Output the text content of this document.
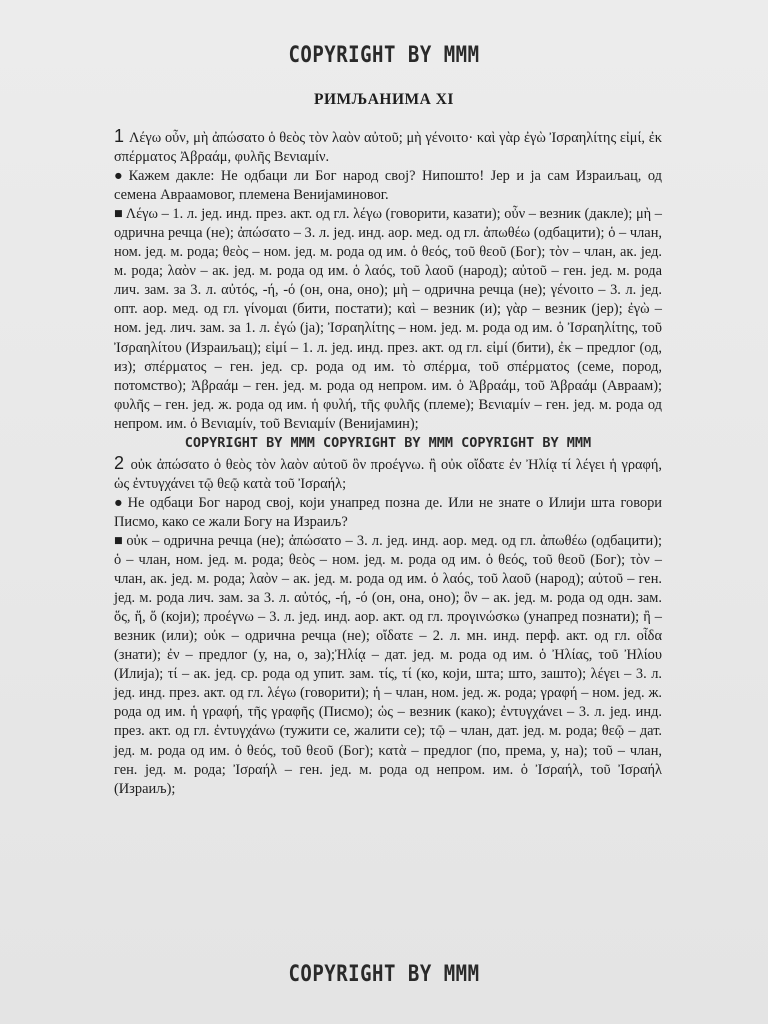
COPYRIGHT BY MMM
РИМЉАНИМА XI

1 Λέγω οὖν, μὴ ἀπώσατο ὁ θεὸς τὸν λαὸν αὐτοῦ; μὴ γένοιτο· καὶ γὰρ ἐγὼ Ἰσραηλίτης εἰμί, ἐκ σπέρματος Ἀβραάμ, φυλῆς Βενιαμίν.

● Кажем дакле: Не одбаци ли Бог народ свој? Нипошто! Јер и ја сам Израиљац, од семена Авраамовог, племена Венијаминовог.

■ Λέγω – 1. л. јед. инд. през. акт. од гл. λέγω (говорити, казати); οὖν – везник (дакле); μὴ – одрична речца (не); ἀπώσατο – 3. л. јед. инд. аор. мед. од гл. ἀπωθέω (одбацити); ὁ – члан, ном. јед. м. рода; θεὸς – ном. јед. м. рода од им. ὁ θεός, τοῦ θεοῦ (Бог); τὸν – члан, ак. јед. м. рода; λαὸν – ак. јед. м. рода од им. ὁ λαός, τοῦ λαοῦ (народ); αὐτοῦ – ген. јед. м. рода лич. зам. за 3. л. αὐτός, -ή, -ό (он, она, оно); μὴ – одрична речца (не); γένοιτο – 3. л. јед. опт. аор. мед. од гл. γίνομαι (бити, постати); καὶ – везник (и); γὰρ – везник (јер); ἐγὼ – ном. јед. лич. зам. за 1. л. ἐγώ (ја); Ἰσραηλίτης – ном. јед. м. рода од им. ὁ Ἰσραηλίτης, τοῦ Ἰσραηλίτου (Израиљац); εἰμί – 1. л. јед. инд. през. акт. од гл. εἰμί (бити), ἐκ – предлог (од, из); σπέρματος – ген. јед. ср. рода од им. τὸ σπέρμα, τοῦ σπέρματος (семе, пород, потомство); Ἀβραάμ – ген. јед. м. рода од непром. им. ὁ Ἀβραάμ, τοῦ Ἀβραάμ (Авраам); φυλῆς – ген. јед. ж. рода од им. ἡ φυλή, τῆς φυλῆς (племе); Βενιαμίν – ген. јед. м. рода од непром. им. ὁ Βενιαμίν, τοῦ Βενιαμίν (Венијамин);

COPYRIGHT BY MMM COPYRIGHT BY MMM COPYRIGHT BY MMM

2 οὐκ ἀπώσατο ὁ θεὸς τὸν λαὸν αὐτοῦ ὃν προέγνω. ἢ οὐκ οἴδατε ἐν Ἠλίᾳ τί λέγει ἡ γραφή, ὡς ἐντυγχάνει τῷ θεῷ κατὰ τοῦ Ἰσραήλ;

● Не одбаци Бог народ свој, који унапред позна де. Или не знате о Илији шта говори Писмо, како се жали Богу на Израиљ?

■ οὐκ – одрична речца (не); ἀπώσατο – 3. л. јед. инд. аор. мед. од гл. ἀπωθέω (одбацити); ὁ – члан, ном. јед. м. рода; θεὸς – ном. јед. м. рода од им. ὁ θεός, τοῦ θεοῦ (Бог); τὸν – члан, ак. јед. м. рода; λαὸν – ак. јед. м. рода од им. ὁ λαός, τοῦ λαοῦ (народ); αὐτοῦ – ген. јед. м. рода лич. зам. за 3. л. αὐτός, -ή, -ό (он, она, оно); ὃν – ак. јед. м. рода од одн. зам. ὅς, ἥ, ὅ (који); προέγνω – 3. л. јед. инд. аор. акт. од гл. προγινώσκω (унапред познати); ἢ – везник (или); οὐκ – одрична речца (не); οἴδατε – 2. л. мн. инд. перф. акт. од гл. οἶδα (знати); ἐν – предлог (у, на, о, за);Ἠλίᾳ – дат. јед. м. рода од им. ὁ Ἠλίας, τοῦ Ἠλίου (Илија); τί – ак. јед. ср. рода од упит. зам. τίς, τί (ко, који, шта; што, зашто); λέγει – 3. л. јед. инд. през. акт. од гл. λέγω (говорити); ἡ – члан, ном. јед. ж. рода; γραφή – ном. јед. ж. рода од им. ἡ γραφή, τῆς γραφῆς (Писмо); ὡς – везник (како); ἐντυγχάνει – 3. л. јед. инд. през. акт. од гл. ἐντυγχάνω (тужити се, жалити се); τῷ – члан, дат. јед. м. рода; θεῷ – дат. јед. м. рода од им. ὁ θεός, τοῦ θεοῦ (Бог); κατὰ – предлог (по, према, у, на); τοῦ – члан, ген. јед. м. рода; Ἰσραήλ – ген. јед. м. рода од непром. им. ὁ Ἰσραήλ, τοῦ Ἰσραήλ (Израиљ);

COPYRIGHT BY MMM
